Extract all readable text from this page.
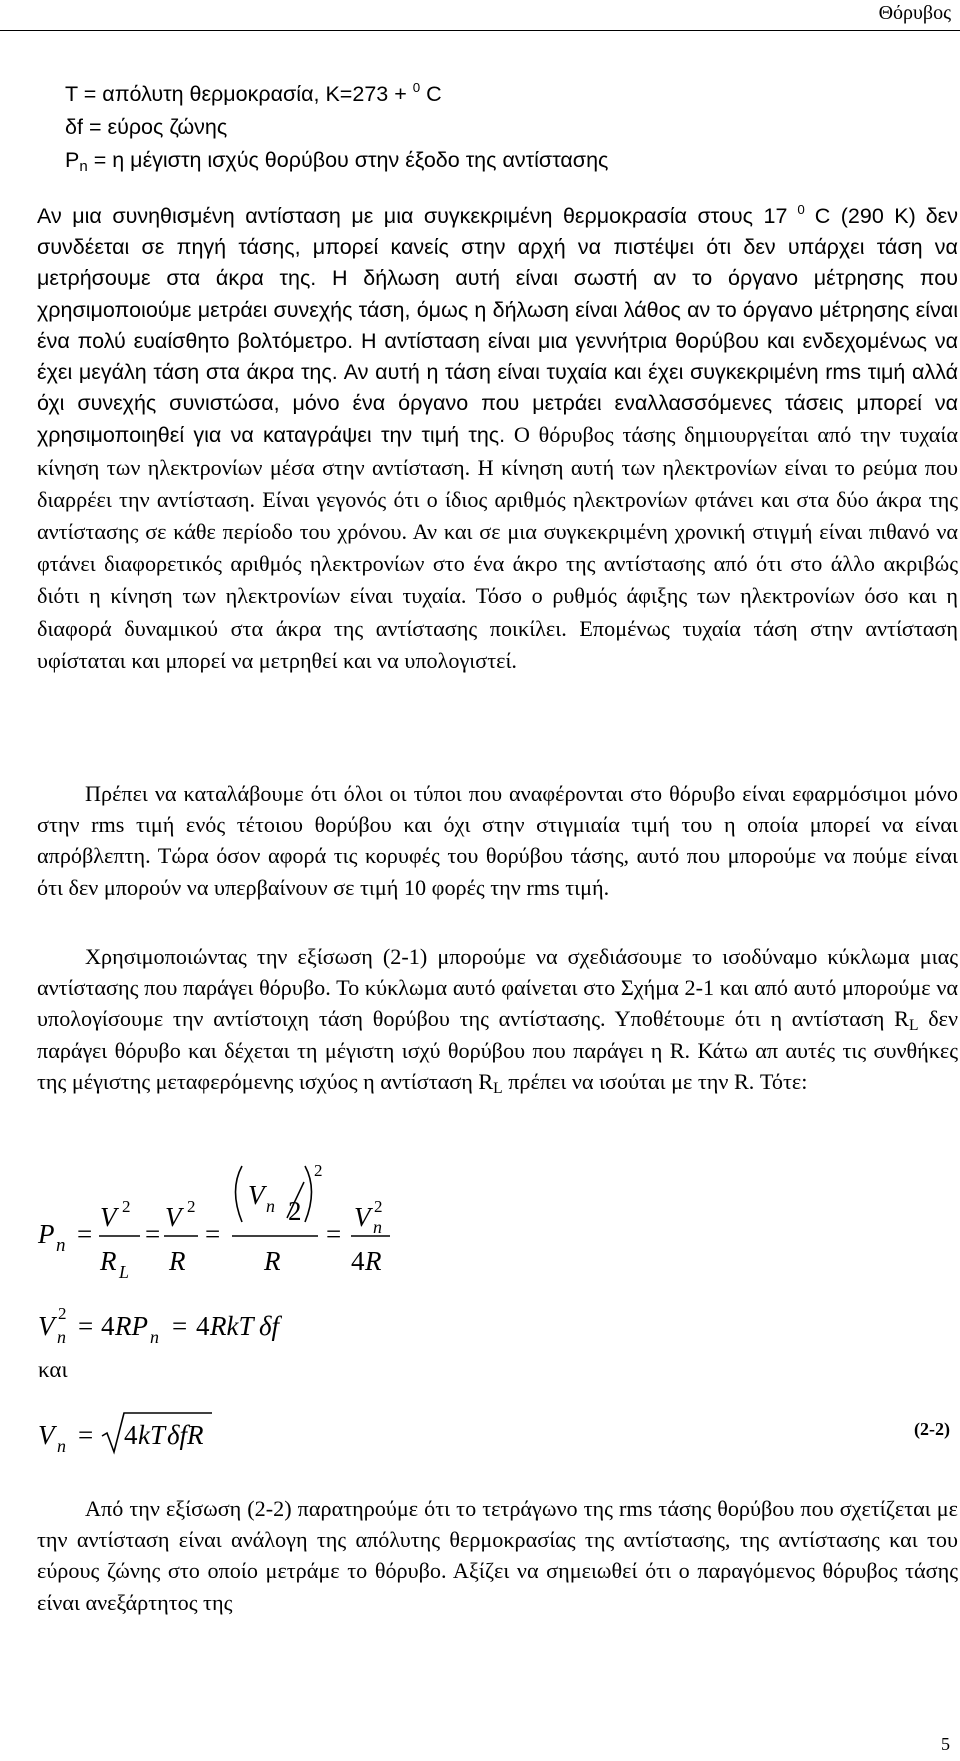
Θόρυβος
T = απόλυτη θερμοκρασία, K=273 + $^0$ C
δf = εύρος ζώνης
$P_n = \eta$ μέγιστη ισχύς θορύβου στην έξοδο της αντίστασης
Αν μια συνηθισμένη αντίσταση με μια συγκεκριμένη θερμοκρασία στους 17 $^0$ C (290 K) δεν συνδέεται σε πηγή τάσης, μπορεί κανείς στην αρχή να πιστέψει ότι δεν υπάρχει τάση να μετρήσουμε στα άκρα της. Η δήλωση αυτή είναι σωστή αν το όργανο μέτρησης που χρησιμοποιούμε μετράει συνεχής τάση, όμως η δήλωση είναι λάθος αν το όργανο μέτρησης είναι ένα πολύ ευαίσθητο βολτόμετρο. Η αντίσταση είναι μια γεννήτρια θορύβου και ενδεχομένως να έχει μεγάλη τάση στα άκρα της. Αν αυτή η τάση είναι τυχαία και έχει συγκεκριμένη rms τιμή αλλά όχι συνεχής συνιστώσα, μόνο ένα όργανο που μετράει εναλλασσόμενες τάσεις μπορεί να χρησιμοποιηθεί για να καταγράψει την τιμή της. Ο θόρυβος τάσης δημιουργείται από την τυχαία κίνηση των ηλεκτρονίων μέσα στην αντίσταση. Η κίνηση αυτή των ηλεκτρονίων είναι το ρεύμα που διαρρέει την αντίσταση. Είναι γεγονός ότι ο ίδιος αριθμός ηλεκτρονίων φτάνει και στα δύο άκρα της αντίστασης σε κάθε περίοδο του χρόνου. Αν και σε μια συγκεκριμένη χρονική στιγμή είναι πιθανό να φτάνει διαφορετικός αριθμός ηλεκτρονίων στο ένα άκρο της αντίστασης από ότι στο άλλο ακριβώς διότι η κίνηση των ηλεκτρονίων είναι τυχαία. Τόσο ο ρυθμός άφιξης των ηλεκτρονίων όσο και η διαφορά δυναμικού στα άκρα της αντίστασης ποικίλει. Επομένως τυχαία τάση στην αντίσταση υφίσταται και μπορεί να μετρηθεί και να υπολογιστεί.
Πρέπει να καταλάβουμε ότι όλοι οι τύποι που αναφέρονται στο θόρυβο είναι εφαρμόσιμοι μόνο στην rms τιμή ενός τέτοιου θορύβου και όχι στην στιγμιαία τιμή του η οποία μπορεί να είναι απρόβλεπτη. Τώρα όσον αφορά τις κορυφές του θορύβου τάσης, αυτό που μπορούμε να πούμε είναι ότι δεν μπορούν να υπερβαίνουν σε τιμή 10 φορές την rms τιμή.
Χρησιμοποιώντας την εξίσωση (2-1) μπορούμε να σχεδιάσουμε το ισοδύναμο κύκλωμα μιας αντίστασης που παράγει θόρυβο. Το κύκλωμα αυτό φαίνεται στο Σχήμα 2-1 και από αυτό μπορούμε να υπολογίσουμε την αντίστοιχη τάση θορύβου της αντίστασης. Υποθέτουμε ότι η αντίσταση $R_L$ δεν παράγει θόρυβο και δέχεται τη μέγιστη ισχύ θορύβου που παράγει η R. Κάτω απ αυτές τις συνθήκες της μέγιστης μεταφερόμενης ισχύος η αντίσταση $R_L$ πρέπει να ισούται με την R. Τότε:
P n =
V 2
R L
=
V 2
R
=
V n 2
2
R
=
V n
2
4 R
V n
2 = 4 RP n = 4 RkT δf
V n = 4 kT δfR
και
(2-2)
Από την εξίσωση (2-2) παρατηρούμε ότι το τετράγωνο της rms τάσης θορύβου που σχετίζεται με την αντίσταση είναι ανάλογη της απόλυτης θερμοκρασίας της αντίστασης, της αντίστασης και του εύρους ζώνης στο οποίο μετράμε το θόρυβο. Αξίζει να σημειωθεί ότι ο παραγόμενος θόρυβος τάσης είναι ανεξάρτητος της
5
